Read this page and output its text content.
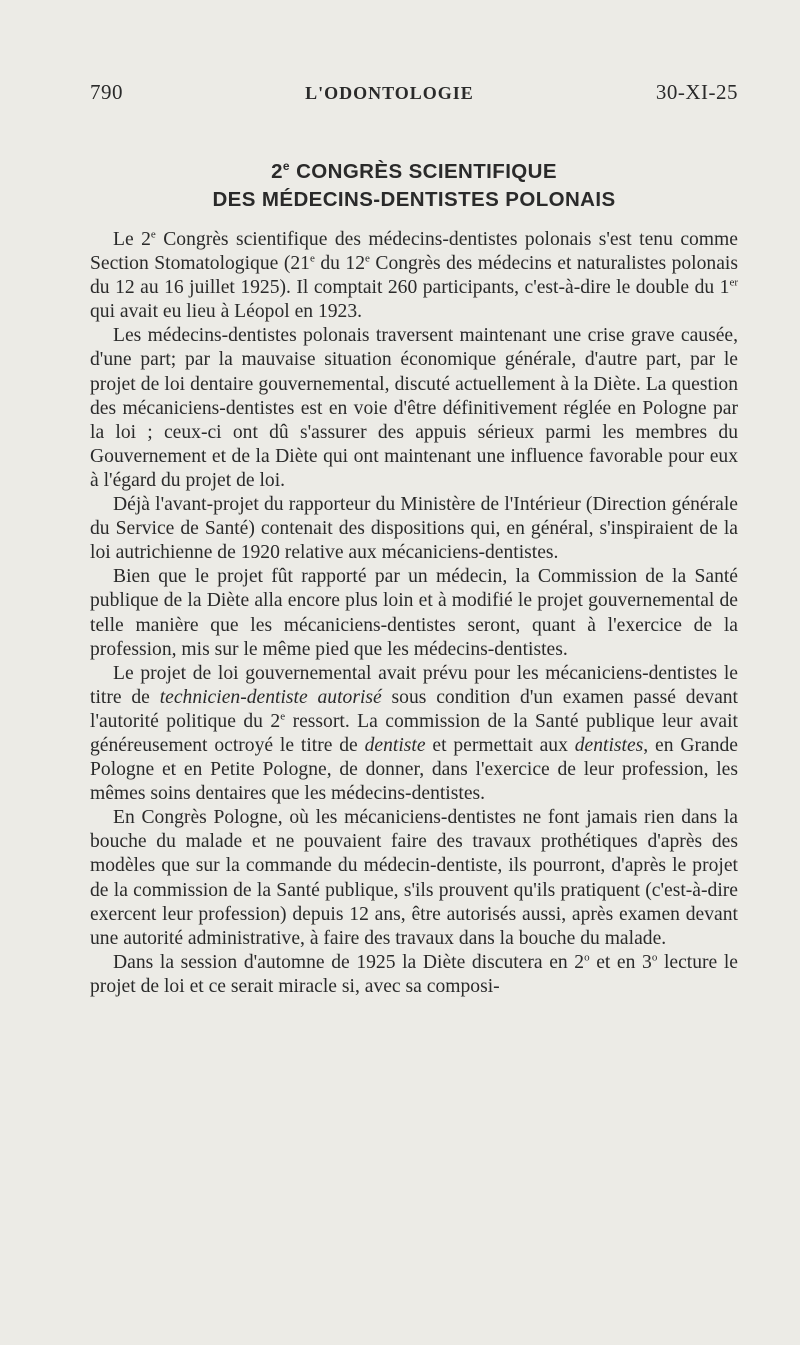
790	L'ODONTOLOGIE	30-XI-25
2e CONGRÈS SCIENTIFIQUE
DES MÉDECINS-DENTISTES POLONAIS

Le 2e Congrès scientifique des médecins-dentistes polonais s'est tenu comme Section Stomatologique (21e du 12e Congrès des médecins et naturalistes polonais du 12 au 16 juillet 1925). Il comptait 260 participants, c'est-à-dire le double du 1er qui avait eu lieu à Léopol en 1923.

Les médecins-dentistes polonais traversent maintenant une crise grave causée, d'une part; par la mauvaise situation économique générale, d'autre part, par le projet de loi dentaire gouvernemental, discuté actuellement à la Diète. La question des mécaniciens-dentistes est en voie d'être définitivement réglée en Pologne par la loi ; ceux-ci ont dû s'assurer des appuis sérieux parmi les membres du Gouvernement et de la Diète qui ont maintenant une influence favorable pour eux à l'égard du projet de loi.

Déjà l'avant-projet du rapporteur du Ministère de l'Intérieur (Direction générale du Service de Santé) contenait des dispositions qui, en général, s'inspiraient de la loi autrichienne de 1920 relative aux mécaniciens-dentistes.

Bien que le projet fût rapporté par un médecin, la Commission de la Santé publique de la Diète alla encore plus loin et à modifié le projet gouvernemental de telle manière que les mécaniciens-dentistes seront, quant à l'exercice de la profession, mis sur le même pied que les médecins-dentistes.

Le projet de loi gouvernemental avait prévu pour les mécaniciens-dentistes le titre de technicien-dentiste autorisé sous condition d'un examen passé devant l'autorité politique du 2e ressort. La commission de la Santé publique leur avait généreusement octroyé le titre de dentiste et permettait aux dentistes, en Grande Pologne et en Petite Pologne, de donner, dans l'exercice de leur profession, les mêmes soins dentaires que les médecins-dentistes.

En Congrès Pologne, où les mécaniciens-dentistes ne font jamais rien dans la bouche du malade et ne pouvaient faire des travaux prothétiques d'après des modèles que sur la commande du médecin-dentiste, ils pourront, d'après le projet de la commission de la Santé publique, s'ils prouvent qu'ils pratiquent (c'est-à-dire exercent leur profession) depuis 12 ans, être autorisés aussi, après examen devant une autorité administrative, à faire des travaux dans la bouche du malade.

Dans la session d'automne de 1925 la Diète discutera en 2$^o$ et en 3$^o$ lecture le projet de loi et ce serait miracle si, avec sa composi-
